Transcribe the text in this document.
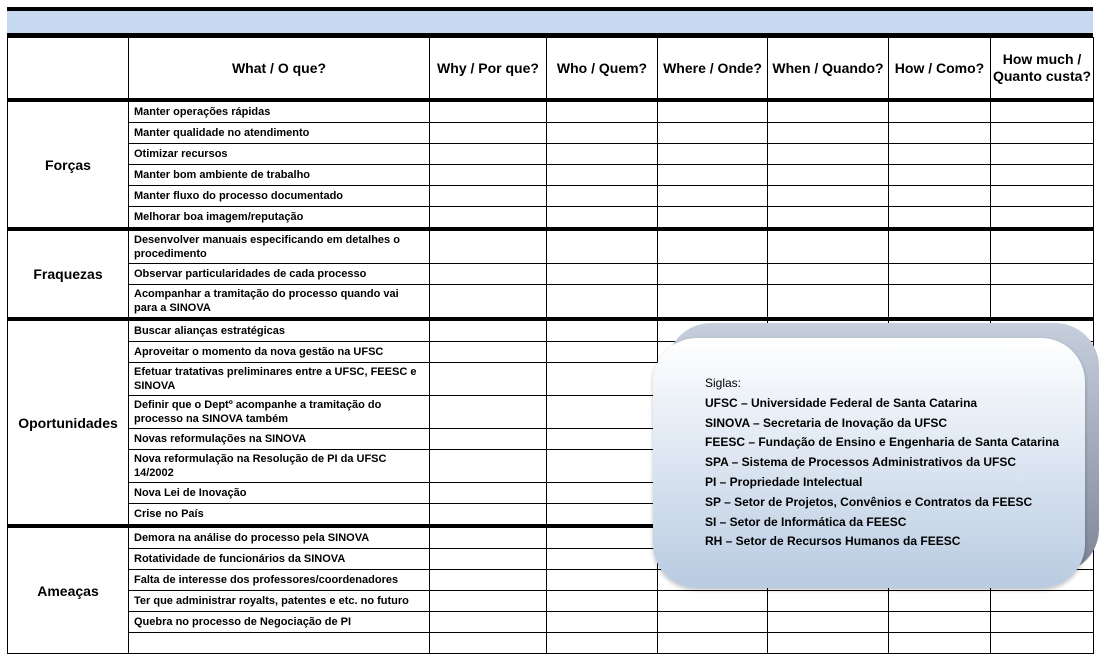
	What / O que?	Why / Por que?	Who / Quem?	Where / Onde?	When / Quando?	How / Como?	How much / Quanto custa?
Forças	Manter operações rápidas						
	Manter qualidade no atendimento						
	Otimizar recursos						
	Manter bom ambiente de trabalho						
	Manter fluxo do processo documentado						
	Melhorar boa imagem/reputação						
Fraquezas	Desenvolver manuais especificando em detalhes o procedimento						
	Observar particularidades de cada processo						
	Acompanhar a tramitação do processo quando vai para a SINOVA						
Oportunidades	Buscar alianças estratégicas						
	Aproveitar o momento da nova gestão na UFSC						
	Efetuar tratativas preliminares entre a UFSC, FEESC e SINOVA						
	Definir que o Deptº acompanhe a tramitação do processo na SINOVA também						
	Novas reformulações na SINOVA						
	Nova reformulação na Resolução de PI da UFSC 14/2002						
	Nova Lei de Inovação						
	Crise no País						
Ameaças	Demora na análise do processo pela SINOVA						
	Rotatividade de funcionários da SINOVA						
	Falta de interesse dos professores/coordenadores						
	Ter que administrar royalts, patentes e etc. no futuro						
	Quebra no processo de Negociação de PI						

Siglas:
UFSC – Universidade Federal de Santa Catarina
SINOVA – Secretaria de Inovação da UFSC
FEESC – Fundação de Ensino e Engenharia de Santa Catarina
SPA – Sistema de Processos Administrativos da UFSC
PI – Propriedade Intelectual
SP – Setor de Projetos, Convênios e Contratos da FEESC
SI – Setor de Informática da FEESC
RH – Setor de Recursos Humanos da FEESC
